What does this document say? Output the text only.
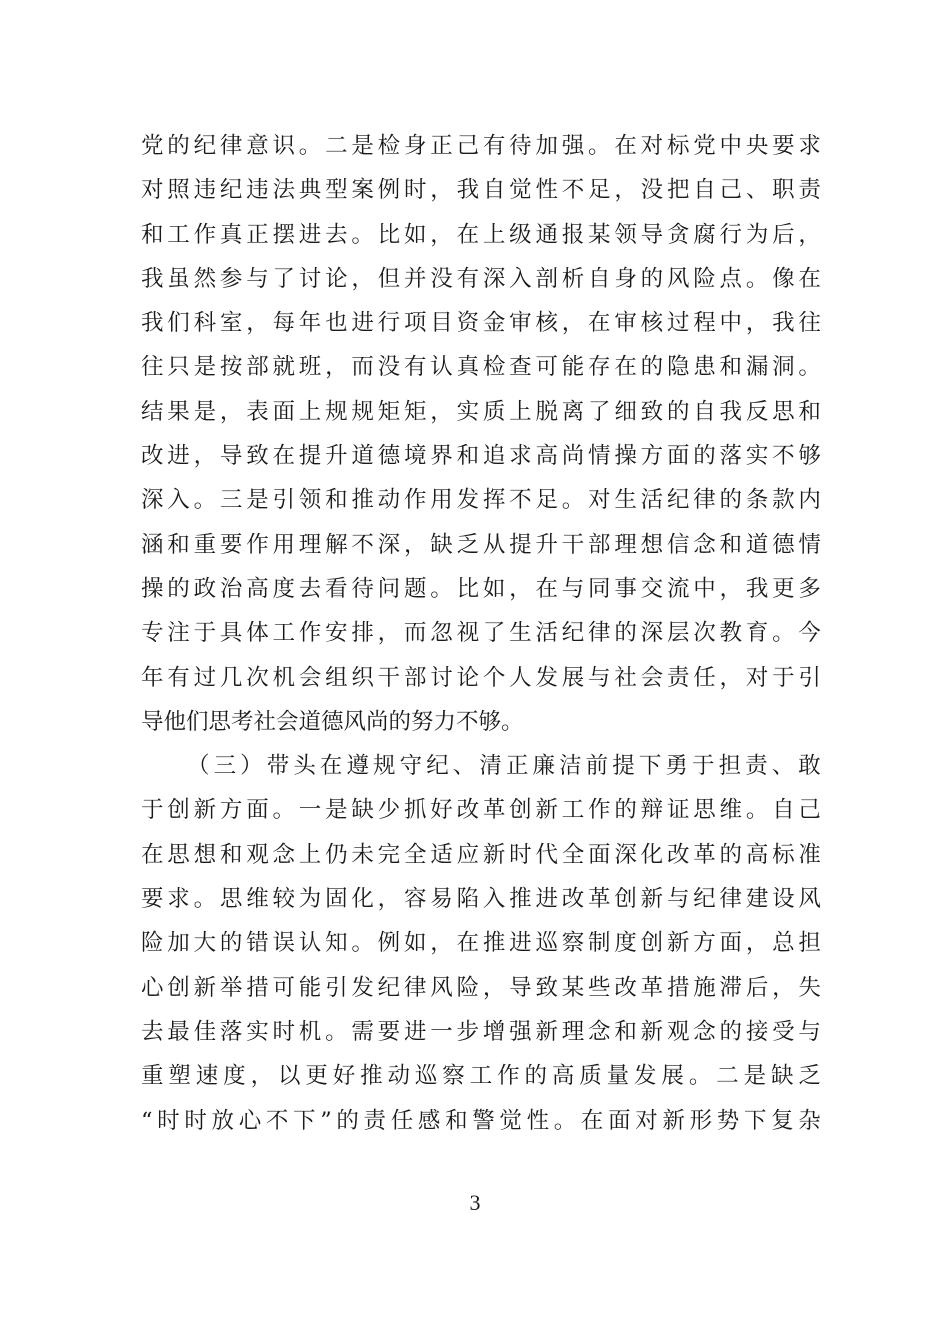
党 的 纪 律 意 识 。 二 是 检 身 正 己 有 待 加 强 。 在 对 标 党 中 央 要 求
对 照 违 纪 违 法 典 型 案 例 时 ， 我 自 觉 性 不 足 ， 没 把 自 己 、 职 责
和 工 作 真 正 摆 进 去 。 比 如 ， 在 上 级 通 报 某 领 导 贪 腐 行 为 后 ，
我 虽 然 参 与 了 讨 论 ， 但 并 没 有 深 入 剖 析 自 身 的 风 险 点 。 像 在
我 们 科 室 ， 每 年 也 进 行 项 目 资 金 审 核 ， 在 审 核 过 程 中 ， 我 往
往 只 是 按 部 就 班 ， 而 没 有 认 真 检 查 可 能 存 在 的 隐 患 和 漏 洞 。
结 果 是 ， 表 面 上 规 规 矩 矩 ， 实 质 上 脱 离 了 细 致 的 自 我 反 思 和
改 进 ， 导 致 在 提 升 道 德 境 界 和 追 求 高 尚 情 操 方 面 的 落 实 不 够
深 入 。 三 是 引 领 和 推 动 作 用 发 挥 不 足 。 对 生 活 纪 律 的 条 款 内
涵 和 重 要 作 用 理 解 不 深 ， 缺 乏 从 提 升 干 部 理 想 信 念 和 道 德 情
操 的 政 治 高 度 去 看 待 问 题 。 比 如 ， 在 与 同 事 交 流 中 ， 我 更 多
专 注 于 具 体 工 作 安 排 ， 而 忽 视 了 生 活 纪 律 的 深 层 次 教 育 。 今
年 有 过 几 次 机 会 组 织 干 部 讨 论 个 人 发 展 与 社 会 责 任 ， 对 于 引
导他们思考社会道德风尚的努力不够。
（ 三 ） 带 头 在 遵 规 守 纪 、 清 正 廉 洁 前 提 下 勇 于 担 责 、 敢
于 创 新 方 面 。 一 是 缺 少 抓 好 改 革 创 新 工 作 的 辩 证 思 维 。 自 己
在 思 想 和 观 念 上 仍 未 完 全 适 应 新 时 代 全 面 深 化 改 革 的 高 标 准
要 求 。 思 维 较 为 固 化 ， 容 易 陷 入 推 进 改 革 创 新 与 纪 律 建 设 风
险 加 大 的 错 误 认 知 。 例 如 ， 在 推 进 巡 察 制 度 创 新 方 面 ， 总 担
心 创 新 举 措 可 能 引 发 纪 律 风 险 ， 导 致 某 些 改 革 措 施 滞 后 ， 失
去 最 佳 落 实 时 机 。 需 要 进 一 步 增 强 新 理 念 和 新 观 念 的 接 受 与
重 塑 速 度 ， 以 更 好 推 动 巡 察 工 作 的 高 质 量 发 展 。 二 是 缺 乏
“ 时 时 放 心 不 下 ” 的 责 任 感 和 警 觉 性 。 在 面 对 新 形 势 下 复 杂
3
